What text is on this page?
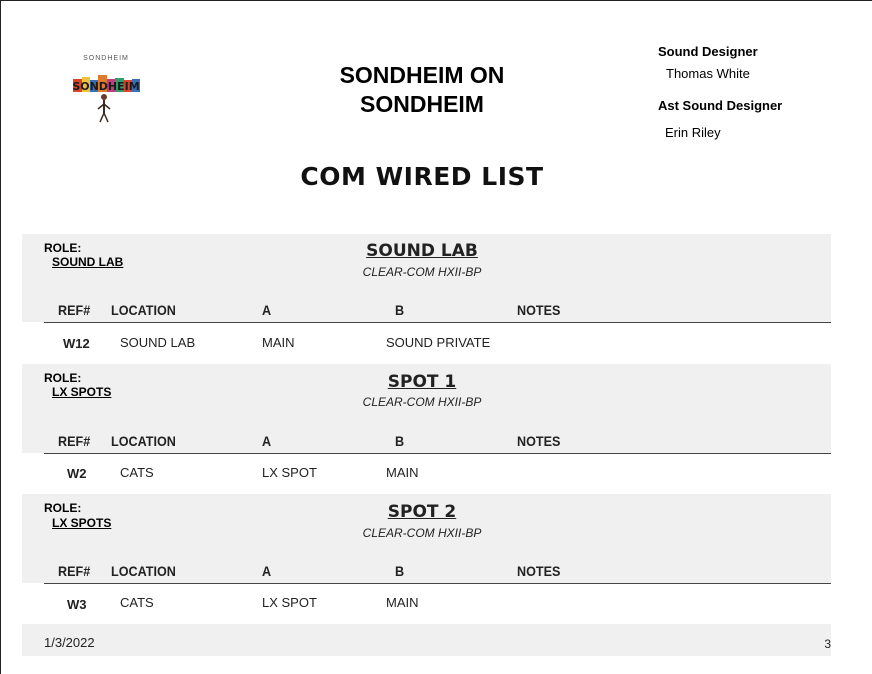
SONDHEIM
SONDHEIM	SONDHEIM ON SONDHEIM
Sound Designer
Thomas White
Ast Sound Designer
Erin Riley
COM WIRED LIST
ROLE:
SOUND LAB
SOUND LAB
CLEAR-COM HXII-BP
REF# LOCATION	A	B	NOTES
W12 SOUND LAB	MAIN	SOUND PRIVATE
ROLE:
LX SPOTS	SPOT 1
CLEAR-COM HXII-BP
REF# LOCATION	A	B	NOTES
W2	CATS	LX SPOT	MAIN
ROLE:
LX SPOTS
SPOT 2
CLEAR-COM HXII-BP
REF# LOCATION	A	B	NOTES
W3	CATS	LX SPOT	MAIN
1/3/2022	3
